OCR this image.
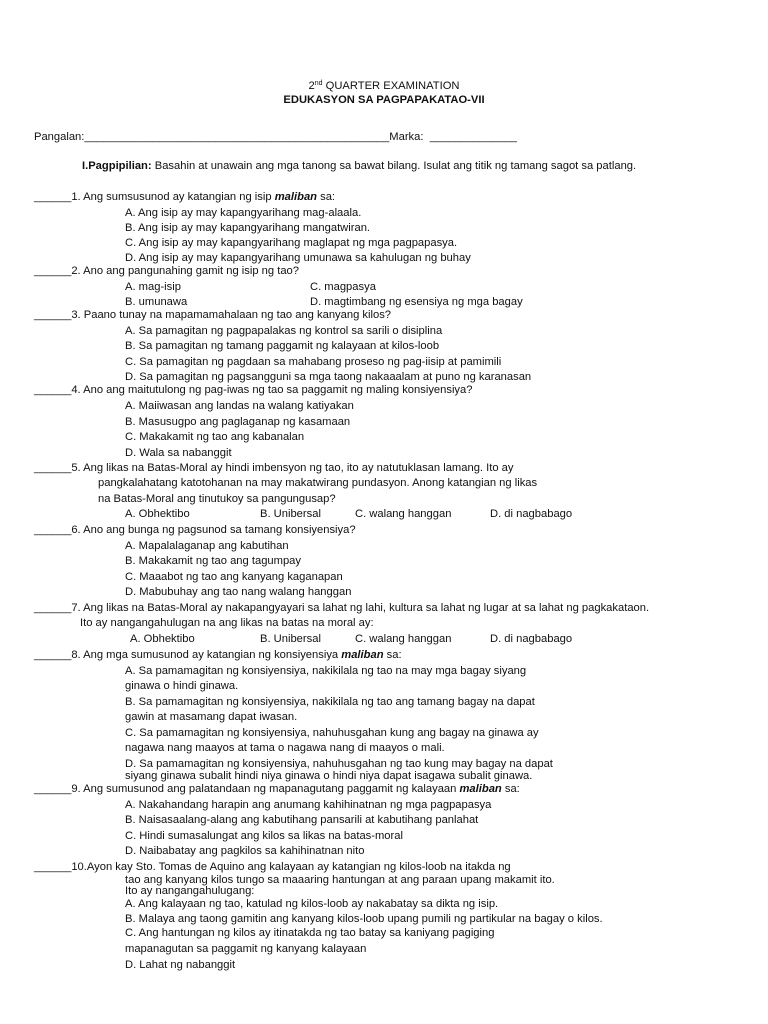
2nd QUARTER EXAMINATION
EDUKASYON SA PAGPAPAKATAO-VII
Pangalan:_________________________________________________Marka:  ______________
I.Pagpipilian: Basahin at unawain ang mga tanong sa bawat bilang. Isulat ang titik ng tamang sagot sa patlang.
______1. Ang sumsusunod ay katangian ng isip maliban sa:
A. Ang isip ay may kapangyarihang mag-alaala.
B. Ang isip ay may kapangyarihang mangatwiran.
C. Ang isip ay may kapangyarihang maglapat ng mga pagpapasya.
D. Ang isip ay may kapangyarihang umunawa sa kahulugan ng buhay
______2. Ano ang pangunahing gamit ng isip ng tao?
A. mag-isip	C. magpasya
B. umunawa	D. magtimbang ng esensiya ng mga bagay
______3. Paano tunay na mapamamahalaan ng tao ang kanyang kilos?
A. Sa pamagitan ng pagpapalakas ng kontrol sa sarili o disiplina
B. Sa pamagitan ng tamang paggamit ng kalayaan at kilos-loob
C. Sa pamagitan ng pagdaan sa mahabang proseso ng pag-iisip at pamimili
D. Sa pamagitan ng pagsangguni sa mga taong nakaaalam at puno ng karanasan
______4. Ano ang maitutulong ng pag-iwas ng tao sa paggamit ng maling konsiyensiya?
A. Maiiwasan ang landas na walang katiyakan
B. Masusugpo ang paglaganap ng kasamaan
C. Makakamit ng tao ang kabanalan
D. Wala sa nabanggit
______5. Ang likas na Batas-Moral ay hindi imbensyon ng tao, ito ay natutuklasan lamang. Ito ay
pangkalahatang katotohanan na may makatwirang pundasyon. Anong katangian ng likas
na Batas-Moral ang tinutukoy sa pangungusap?
A. Obhektibo	B. Unibersal	C. walang hanggan	D. di nagbabago
______6. Ano ang bunga ng pagsunod sa tamang konsiyensiya?
A. Mapalalaganap ang kabutihan
B. Makakamit ng tao ang tagumpay
C. Maaabot ng tao ang kanyang kaganapan
D. Mabubuhay ang tao nang walang hanggan
______7. Ang likas na Batas-Moral ay nakapangyayari sa lahat ng lahi, kultura sa lahat ng lugar at sa lahat ng pagkakataon.
Ito ay nangangahulugan na ang likas na batas na moral ay:
A. Obhektibo	B. Unibersal	C. walang hanggan	D. di nagbabago
______8. Ang mga sumusunod ay katangian ng konsiyensiya maliban sa:
A. Sa pamamagitan ng konsiyensiya, nakikilala ng tao na may mga bagay siyang
ginawa o hindi ginawa.
B. Sa pamamagitan ng konsiyensiya, nakikilala ng tao ang tamang bagay na dapat
gawin at masamang dapat iwasan.
C. Sa pamamagitan ng konsiyensiya, nahuhusgahan kung ang bagay na ginawa ay
nagawa nang maayos at tama o nagawa nang di maayos o mali.
D. Sa pamamagitan ng konsiyensiya, nahuhusgahan ng tao kung may bagay na dapat
siyang ginawa subalit hindi niya ginawa o hindi niya dapat isagawa subalit ginawa.
______9. Ang sumusunod ang palatandaan ng mapanagutang paggamit ng kalayaan maliban sa:
A. Nakahandang harapin ang anumang kahihinatnan ng mga pagpapasya
B. Naisasaalang-alang ang kabutihang pansarili at kabutihang panlahat
C. Hindi sumasalungat ang kilos sa likas na batas-moral
D. Naibabatay ang pagkilos sa kahihinatnan nito
______10.Ayon kay Sto. Tomas de Aquino ang kalayaan ay katangian ng kilos-loob na itakda ng
tao ang kanyang kilos tungo sa maaaring hantungan at ang paraan upang makamit ito.
Ito ay nangangahulugang:
A. Ang kalayaan ng tao, katulad ng kilos-loob ay nakabatay sa dikta ng isip.
B. Malaya ang taong gamitin ang kanyang kilos-loob upang pumili ng partikular na bagay o kilos.
C. Ang hantungan ng kilos ay itinatakda ng tao batay sa kaniyang pagiging
mapanagutan sa paggamit ng kanyang kalayaan
D. Lahat ng nabanggit
